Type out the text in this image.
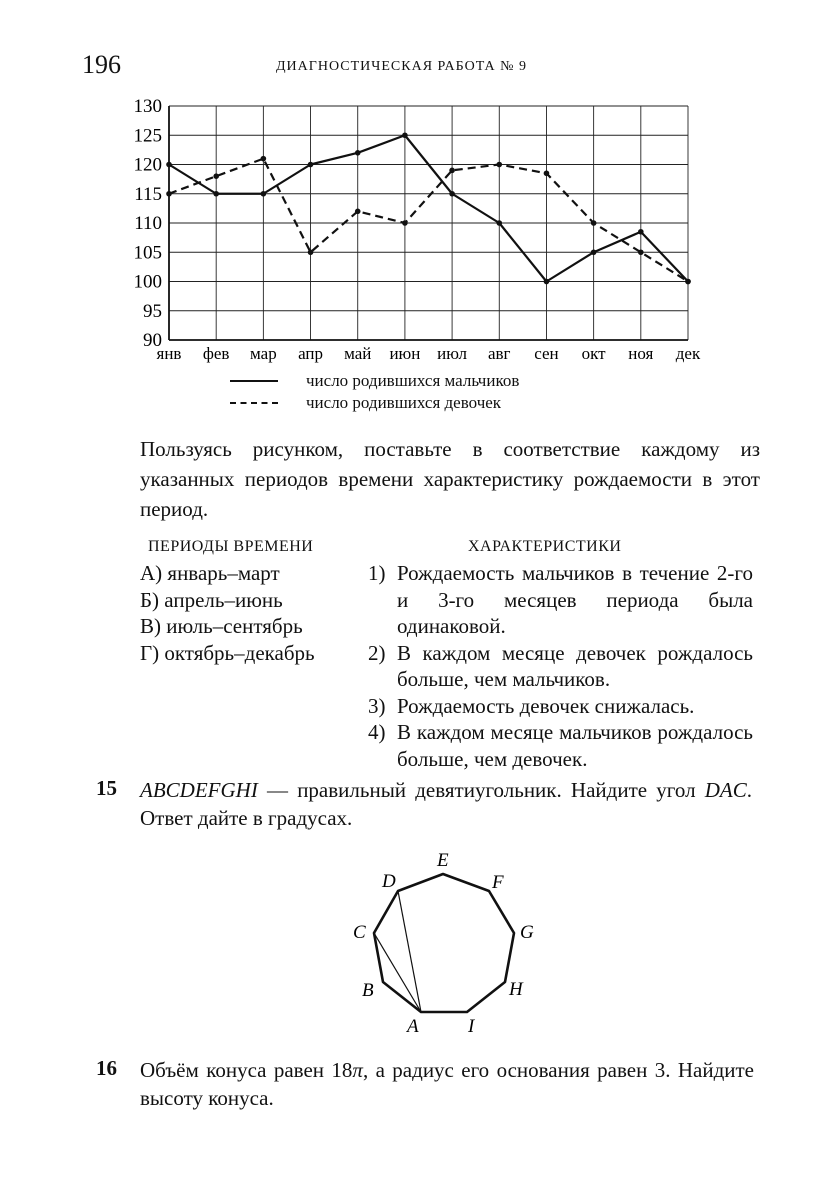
196	ДИАГНОСТИЧЕСКАЯ РАБОТА № 9
130
125
120
115
110
105
100
95
90
янв фев мар апр май июн июл авг сен окт ноя дек
число родившихся мальчиков
число родившихся девочек

Пользуясь рисунком, поставьте в соответствие каждому из указанных периодов времени характеристику рождаемости в этот период.

ПЕРИОДЫ ВРЕМЕНИ	ХАРАКТЕРИСТИКИ
А) январь–март
Б) апрель–июнь
В) июль–сентябрь
Г) октябрь–декабрь
1) Рождаемость мальчиков в течение 2-го и 3-го месяцев периода была одинаковой.
2) В каждом месяце девочек рождалось больше, чем мальчиков.
3) Рождаемость девочек снижалась.
4) В каждом месяце мальчиков рождалось больше, чем девочек.
15 ABCDEFGHI — правильный девятиугольник. Найдите угол DAC. Ответ дайте в градусах.

A
B
C
D
E
F
G
H
I
16 Объём конуса равен 18π, а радиус его основания равен 3. Найдите высоту конуса.
